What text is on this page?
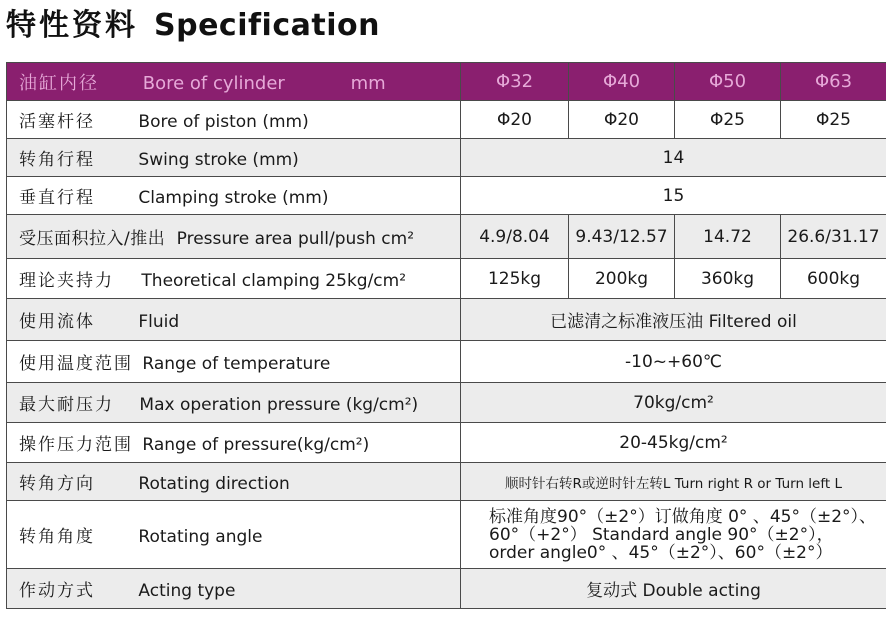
特性资料 Specification
油缸内径 Bore of cylinder mm	Φ32	Φ40	Φ50	Φ63
活塞杆径 Bore of piston (mm)	Φ20	Φ20	Φ25	Φ25
转角行程 Swing stroke (mm)	14			
垂直行程 Clamping stroke (mm)	15			
受压面积拉入/推出 Pressure area pull/push cm²	4.9/8.04	9.43/12.57	14.72	26.6/31.17
理论夹持力 Theoretical clamping 25kg/cm²	125kg	200kg	360kg	600kg
使用流体 Fluid	已滤清之标准液压油 Filtered oil			
使用温度范围 Range of temperature	-10~+60℃			
最大耐压力 Max operation pressure (kg/cm²)	70kg/cm²			
操作压力范围 Range of pressure(kg/cm²)	20-45kg/cm²			
转角方向 Rotating direction	顺时针右转R或逆时针左转L Turn right R or Turn left L			
转角角度 Rotating angle	标准角度90°（±2°）订做角度 0° 、45°（±2°）、
60°（+2°） Standard angle 90°（±2°），
order angle0° 、45°（±2°）、60°（±2°）			

作动方式 Acting type	复动式 Double acting			
